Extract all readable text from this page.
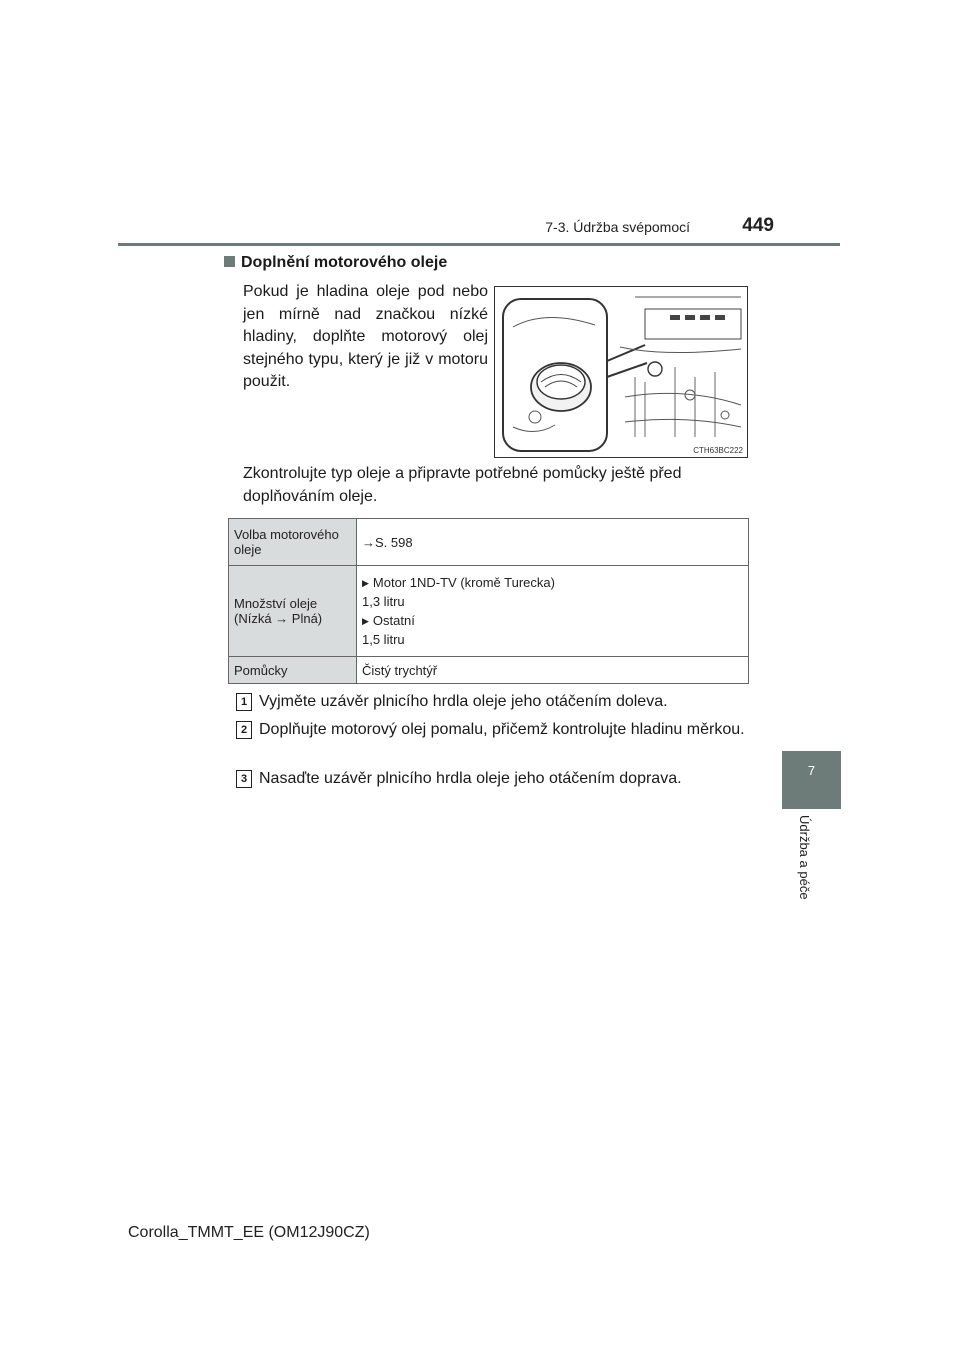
7-3. Údržba svépomocí	449
7
Údržba a péče
Doplnění motorového oleje
Pokud je hladina oleje pod nebo jen mírně nad značkou nízké hladiny, doplňte motorový olej stejného typu, který je již v motoru použit.
CTH63BC222
Zkontrolujte typ oleje a připravte potřebné pomůcky ještě před doplňováním oleje.
Volba motorového oleje	→S. 598
Množství oleje (Nízká → Plná)	▶ Motor 1ND-TV (kromě Turecka)

1,3 litru

▶ Ostatní

1,5 litru

Pomůcky	Čistý trychtýř
1 Vyjměte uzávěr plnicího hrdla oleje jeho otáčením doleva.
2 Doplňujte motorový olej pomalu, přičemž kontrolujte hladinu měrkou.
3 Nasaďte uzávěr plnicího hrdla oleje jeho otáčením doprava.
Corolla_TMMT_EE (OM12J90CZ)
